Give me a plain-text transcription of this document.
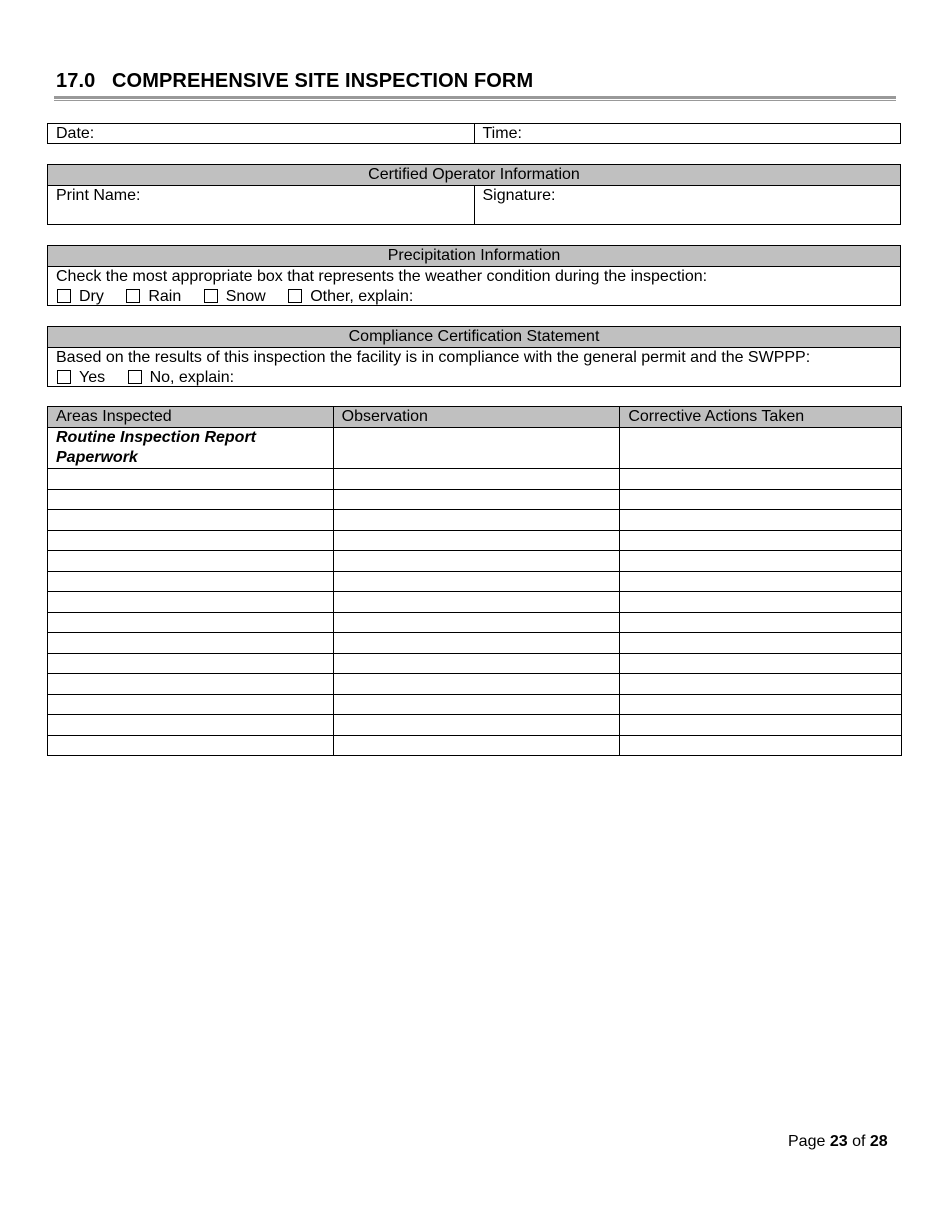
17.0 COMPREHENSIVE SITE INSPECTION FORM
Date:	Time:
Certified Operator Information
Print Name:	Signature:
Precipitation Information
Check the most appropriate box that represents the weather condition during the inspection:
Dry	Rain	Snow	Other, explain:
Compliance Certification Statement
Based on the results of this inspection the facility is in compliance with the general permit and the SWPPP:
Yes	No, explain:
Areas Inspected	Observation	Corrective Actions Taken
Routine Inspection Report
Paperwork		

Page 23 of 28
